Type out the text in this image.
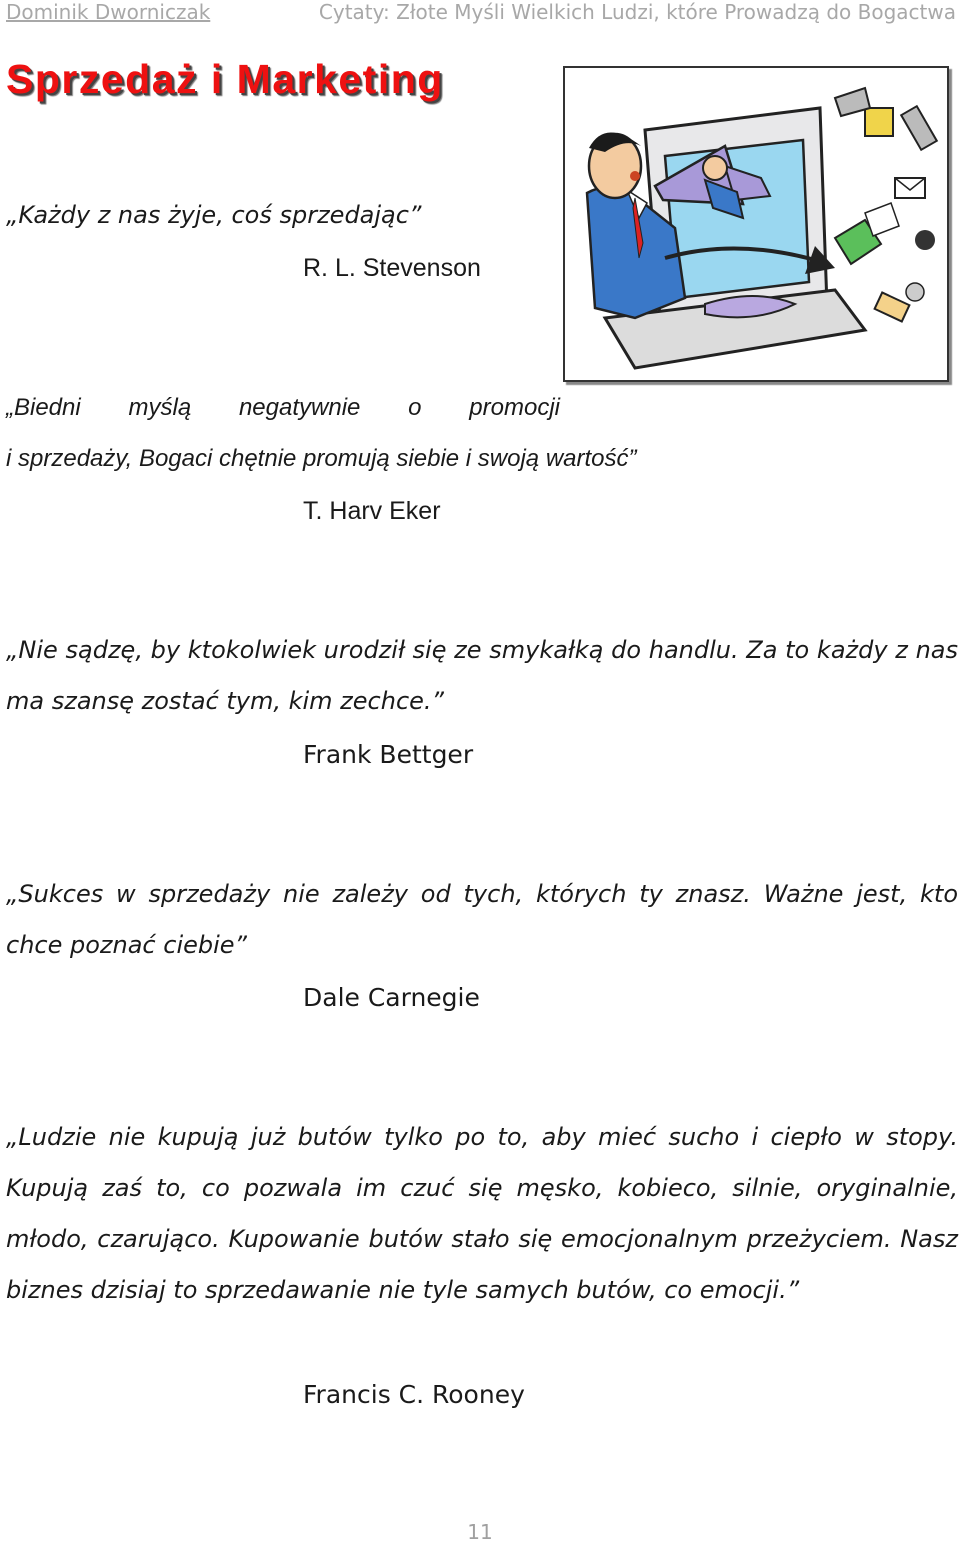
Dominik Dworniczak	Cytaty: Złote Myśli Wielkich Ludzi, które Prowadzą do Bogactwa
Sprzedaż i Marketing

„Każdy z nas żyje, coś sprzedając”

R. L. Stevenson

„Biedni myślą negatywnie o promocji

i sprzedaży, Bogaci chętnie promują siebie i swoją wartość”

T. Harv Eker

„Nie sądzę, by ktokolwiek urodził się ze smykałką do handlu. Za to każdy z nas ma szansę zostać tym, kim zechce.”

Frank Bettger

„Sukces w sprzedaży nie zależy od tych, których ty znasz. Ważne jest, kto chce poznać ciebie”

Dale Carnegie

„Ludzie nie kupują już butów tylko po to, aby mieć sucho i ciepło w stopy. Kupują zaś to, co pozwala im czuć się męsko, kobieco, silnie, oryginalnie, młodo, czarująco. Kupowanie butów stało się emocjonalnym przeżyciem. Nasz biznes dzisiaj to sprzedawanie nie tyle samych butów, co emocji.”

Francis C. Rooney
11
